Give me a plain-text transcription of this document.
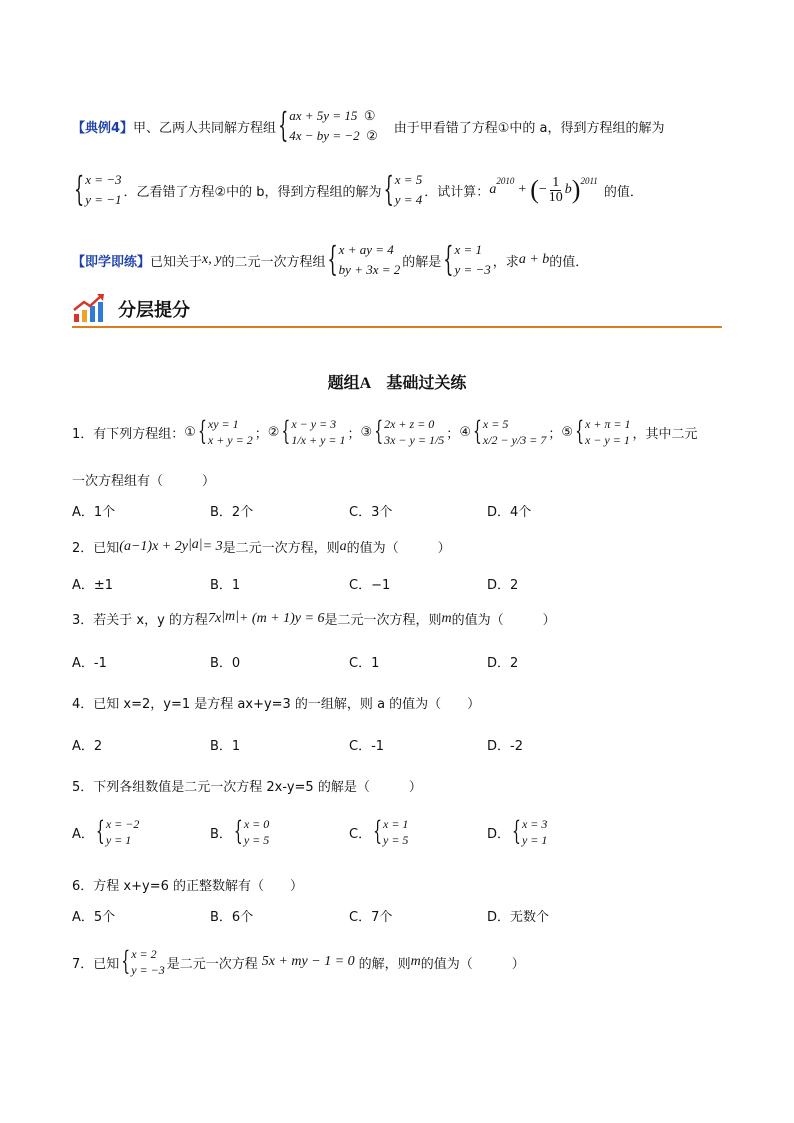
【典例4】 甲、乙两人共同解方程组 { ax + 5y = 15 ①
4x − by = −2 ② 由于甲看错了方程①中的 a，得到方程组的解为
{ x = −3
y = −1 ．乙看错了方程②中的 b，得到方程组的解为 { x = 5
y = 4 ．试计算： a
$^{2010}$
+ ( − $\frac{1}{10}$ b )$^{2011}$
的值．
【即学即练】 已知关于 x, y 的二元一次方程组 { x + ay = 4
by + 3x = 2 的解是 { x = 1
y = −3 ，求 a + b 的值．
分层提分
题组A　基础过关练
1． 有下列方程组： ① { xy = 1
x + y = 2 ； ② { x − y = 3
1/x + y = 1 ； ③ { 2x + z = 0
3x − y = 1/5 ； ④ { x = 5
x/2 − y/3 = 7 ； ⑤ { x + π = 1
x − y = 1 ，其中二元
一次方程组有（　　　）
A．1个	B．2个	C．3个	D．4个
2． 已知 (a−1)x + 2y |a| = 3 是二元一次方程，则 a 的值为（　　　）
A．±1	B．1	C．−1	D．2
3． 若关于 x，y 的方程 7x |m| + (m + 1)y = 6 是二元一次方程，则 m 的值为（　　　）
A．-1	B．0	C．1	D．2
4． 已知 x=2，y=1 是方程 ax+y=3 的一组解，则 a 的值为（　　）
A．2	B．1	C．-1	D．-2
5． 下列各组数值是二元一次方程 2x-y=5 的解是（　　　）
A． { x = −2
y = 1	B． { x = 0
y = 5	C． { x = 1
y = 5	D． { x = 3
y = 1
6． 方程 x+y=6 的正整数解有（　　）
A．5个	B．6个	C．7个	D．无数个
7． 已知 { x = 2
y = −3 是二元一次方程 5x + my − 1 = 0 的解，则 m 的值为（　　　）
